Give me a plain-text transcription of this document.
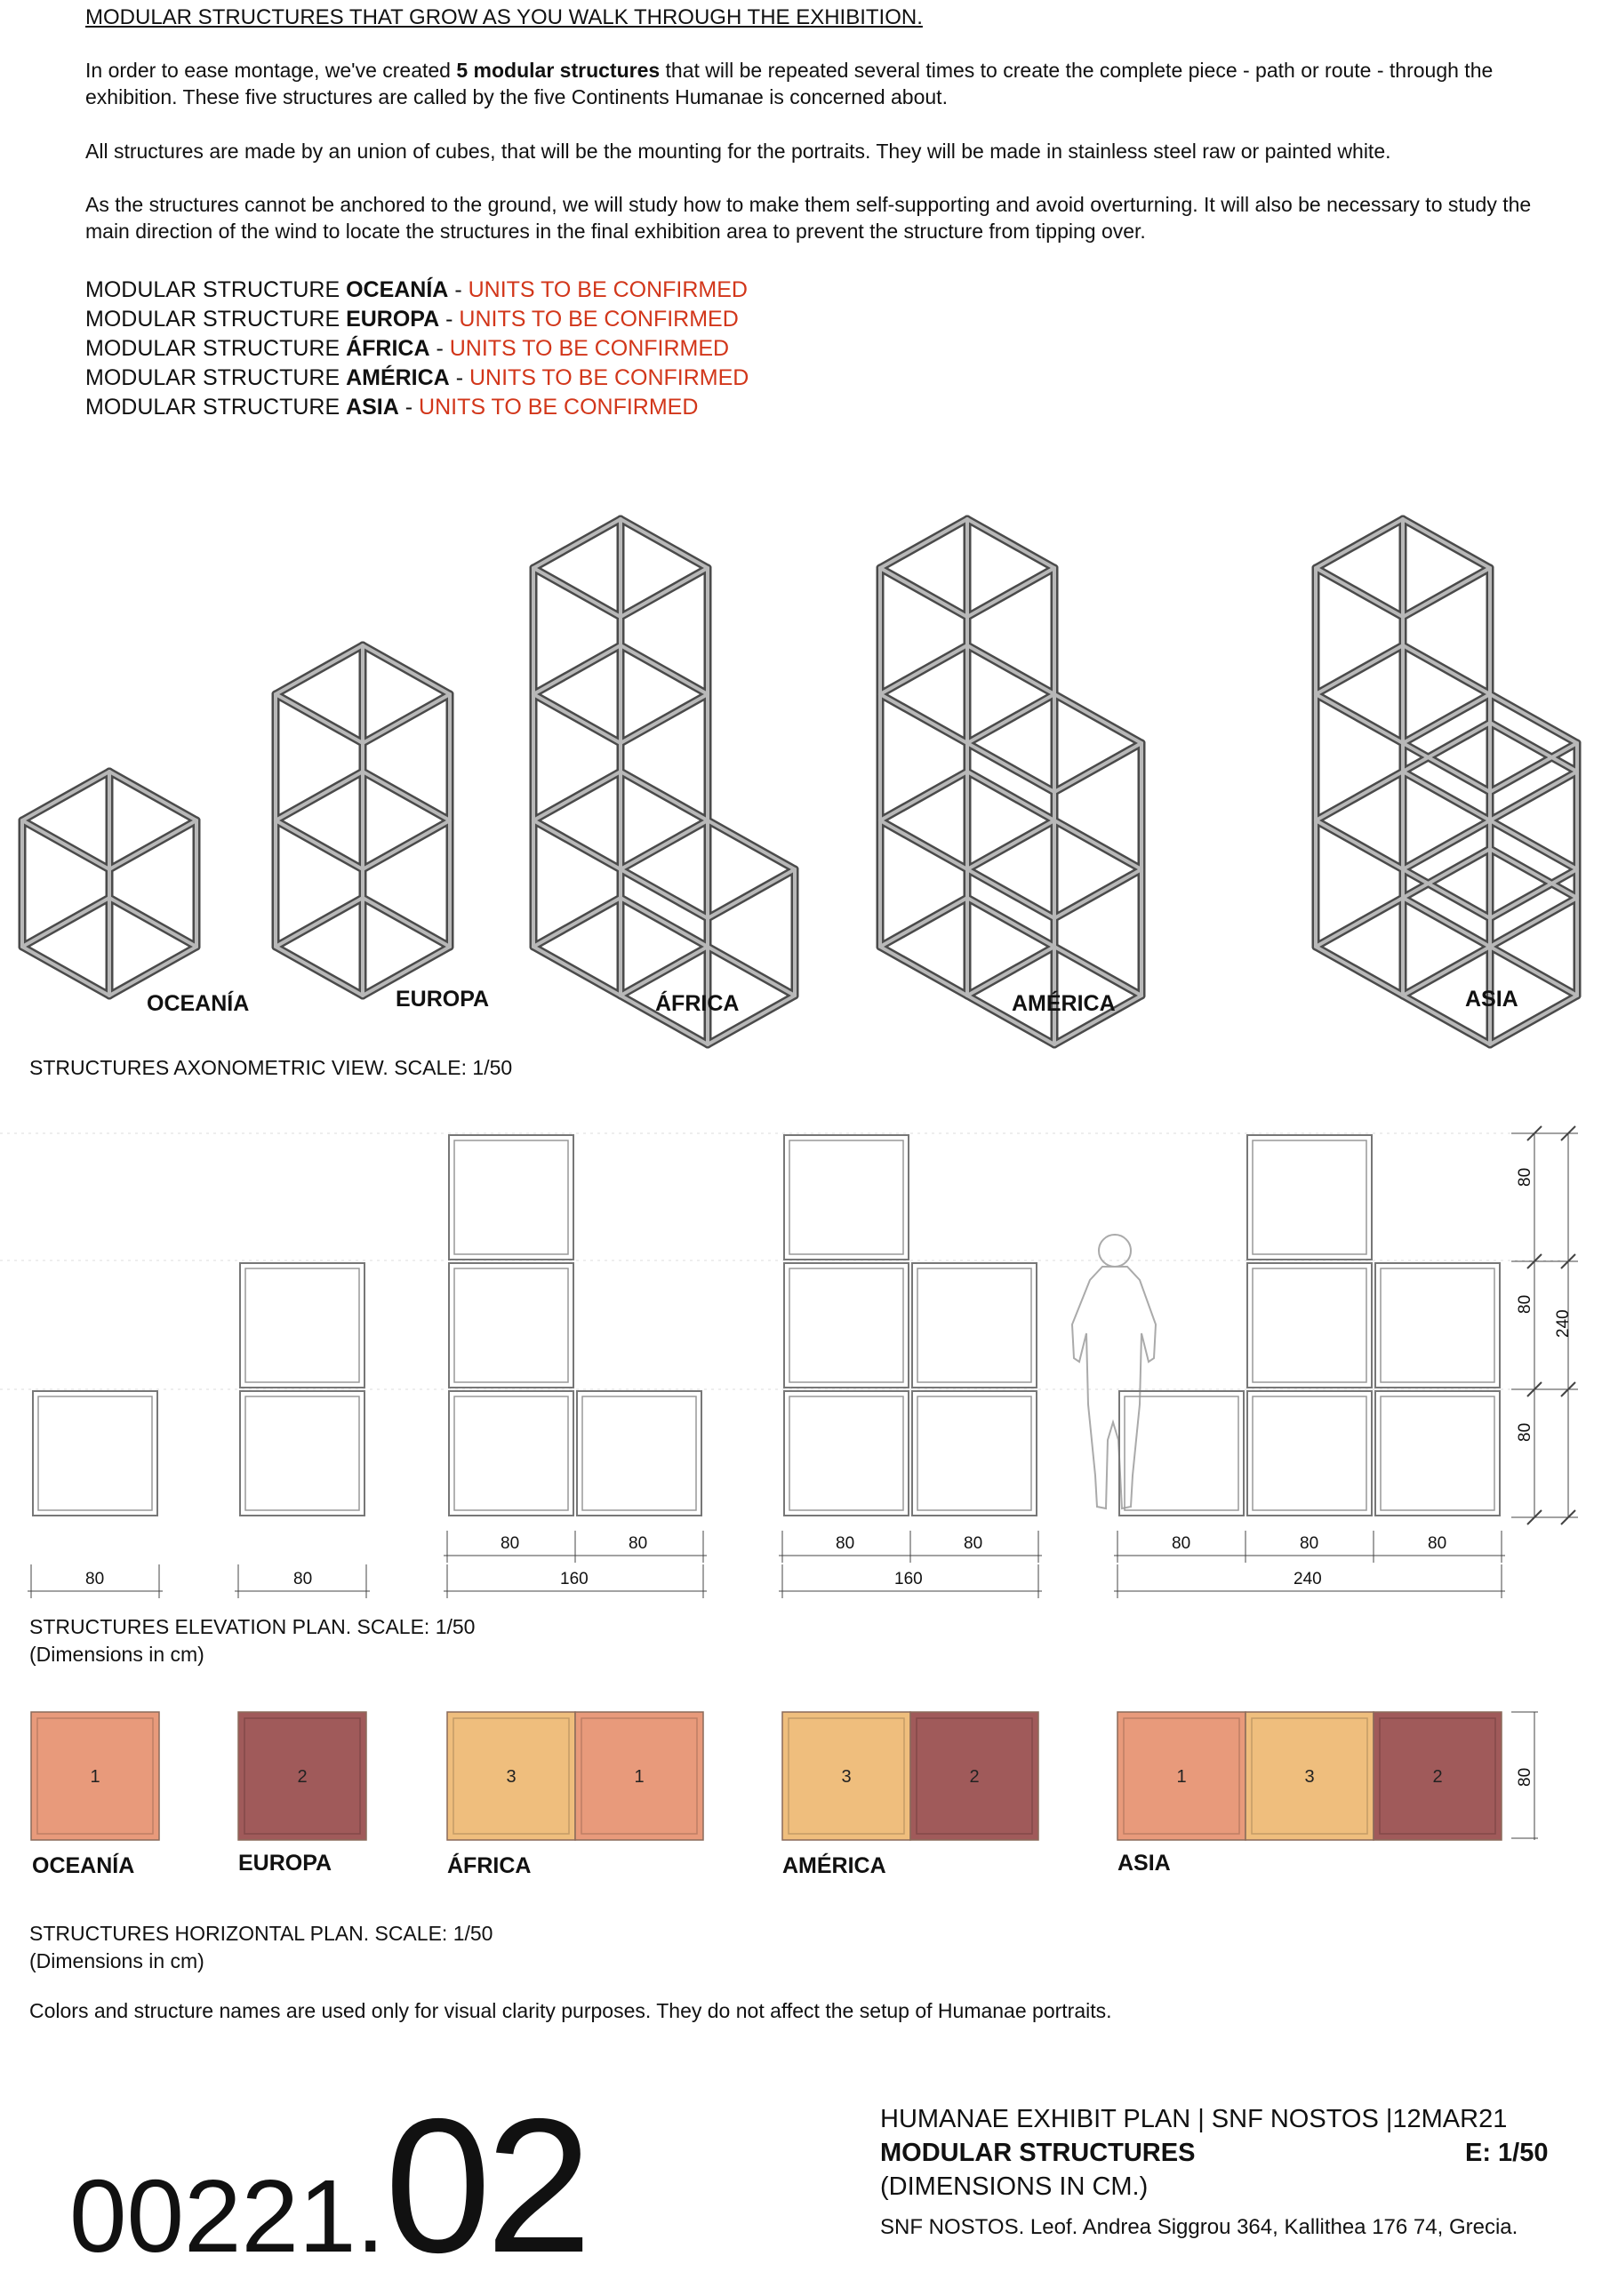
MODULAR STRUCTURES THAT GROW AS YOU WALK THROUGH THE EXHIBITION.
In order to ease montage, we've created 5 modular structures that will be repeated several times to create the complete piece - path or route - through the exhibition. These five structures are called by the five Continents Humanae is concerned about.
All structures are made by an union of cubes, that will be the mounting for the portraits. They will be made in stainless steel raw or painted white.
As the structures cannot be anchored to the ground, we will study how to make them self-supporting and avoid overturning. It will also be necessary to study the main direction of the wind to locate the structures in the final exhibition area to prevent the structure from tipping over.
MODULAR STRUCTURE OCEANÍA - UNITS TO BE CONFIRMED
MODULAR STRUCTURE EUROPA - UNITS TO BE CONFIRMED
MODULAR STRUCTURE ÁFRICA - UNITS TO BE CONFIRMED
MODULAR STRUCTURE AMÉRICA - UNITS TO BE CONFIRMED
MODULAR STRUCTURE ASIA - UNITS TO BE CONFIRMED
OCEANÍA	EUROPA	ÁFRICA	AMÉRICA	ASIA
STRUCTURES AXONOMETRIC VIEW. SCALE: 1/50
80	80
80	80
160
80	80
160
80	80	80
240
80
80
80
240
STRUCTURES ELEVATION PLAN. SCALE: 1/50
(Dimensions in cm)
1	2	3	1	3	2	1	3	2	80
OCEANÍA	EUROPA	ÁFRICA	AMÉRICA	ASIA
STRUCTURES HORIZONTAL PLAN. SCALE: 1/50
(Dimensions in cm)
Colors and structure names are used only for visual clarity purposes. They do not affect the setup of Humanae portraits.
00221.02	HUMANAE EXHIBIT PLAN | SNF NOSTOS |12MAR21
MODULAR STRUCTURES	E: 1/50
(DIMENSIONS IN CM.)
SNF NOSTOS. Leof. Andrea Siggrou 364, Kallithea 176 74, Grecia.
